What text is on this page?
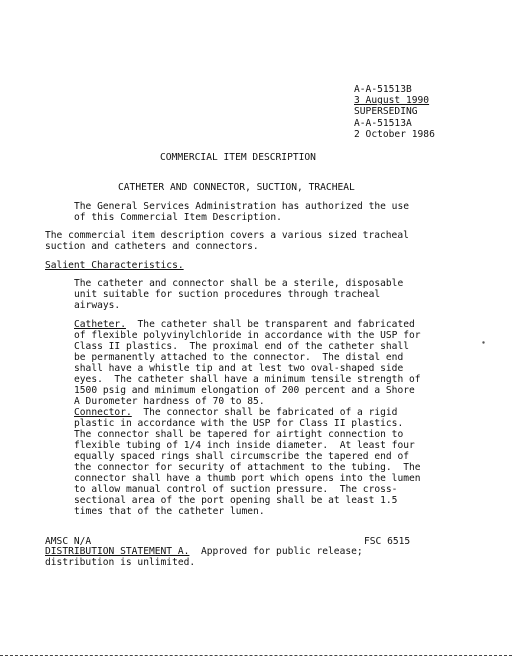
A-A-51513B
3 August 1990
SUPERSEDING
A-A-51513A
2 October 1986
COMMERCIAL ITEM DESCRIPTION
CATHETER AND CONNECTOR, SUCTION, TRACHEAL
The General Services Administration has authorized the use
of this Commercial Item Description.
The commercial item description covers a various sized tracheal
suction and catheters and connectors.
Salient Characteristics.
The catheter and connector shall be a sterile, disposable
unit suitable for suction procedures through tracheal
airways.
Catheter.  The catheter shall be transparent and fabricated
of flexible polyvinylchloride in accordance with the USP for
Class II plastics.  The proximal end of the catheter shall
be permanently attached to the connector.  The distal end
shall have a whistle tip and at lest two oval-shaped side
eyes.  The catheter shall have a minimum tensile strength of
1500 psig and minimum elongation of 200 percent and a Shore
A Durometer hardness of 70 to 85.
Connector.  The connector shall be fabricated of a rigid
plastic in accordance with the USP for Class II plastics.
The connector shall be tapered for airtight connection to
flexible tubing of 1/4 inch inside diameter.  At least four
equally spaced rings shall circumscribe the tapered end of
the connector for security of attachment to the tubing.  The
connector shall have a thumb port which opens into the lumen
to allow manual control of suction pressure.  The cross-
sectional area of the port opening shall be at least 1.5
times that of the catheter lumen.
AMSC N/A	FSC 6515
DISTRIBUTION STATEMENT A.  Approved for public release;
distribution is unlimited.
